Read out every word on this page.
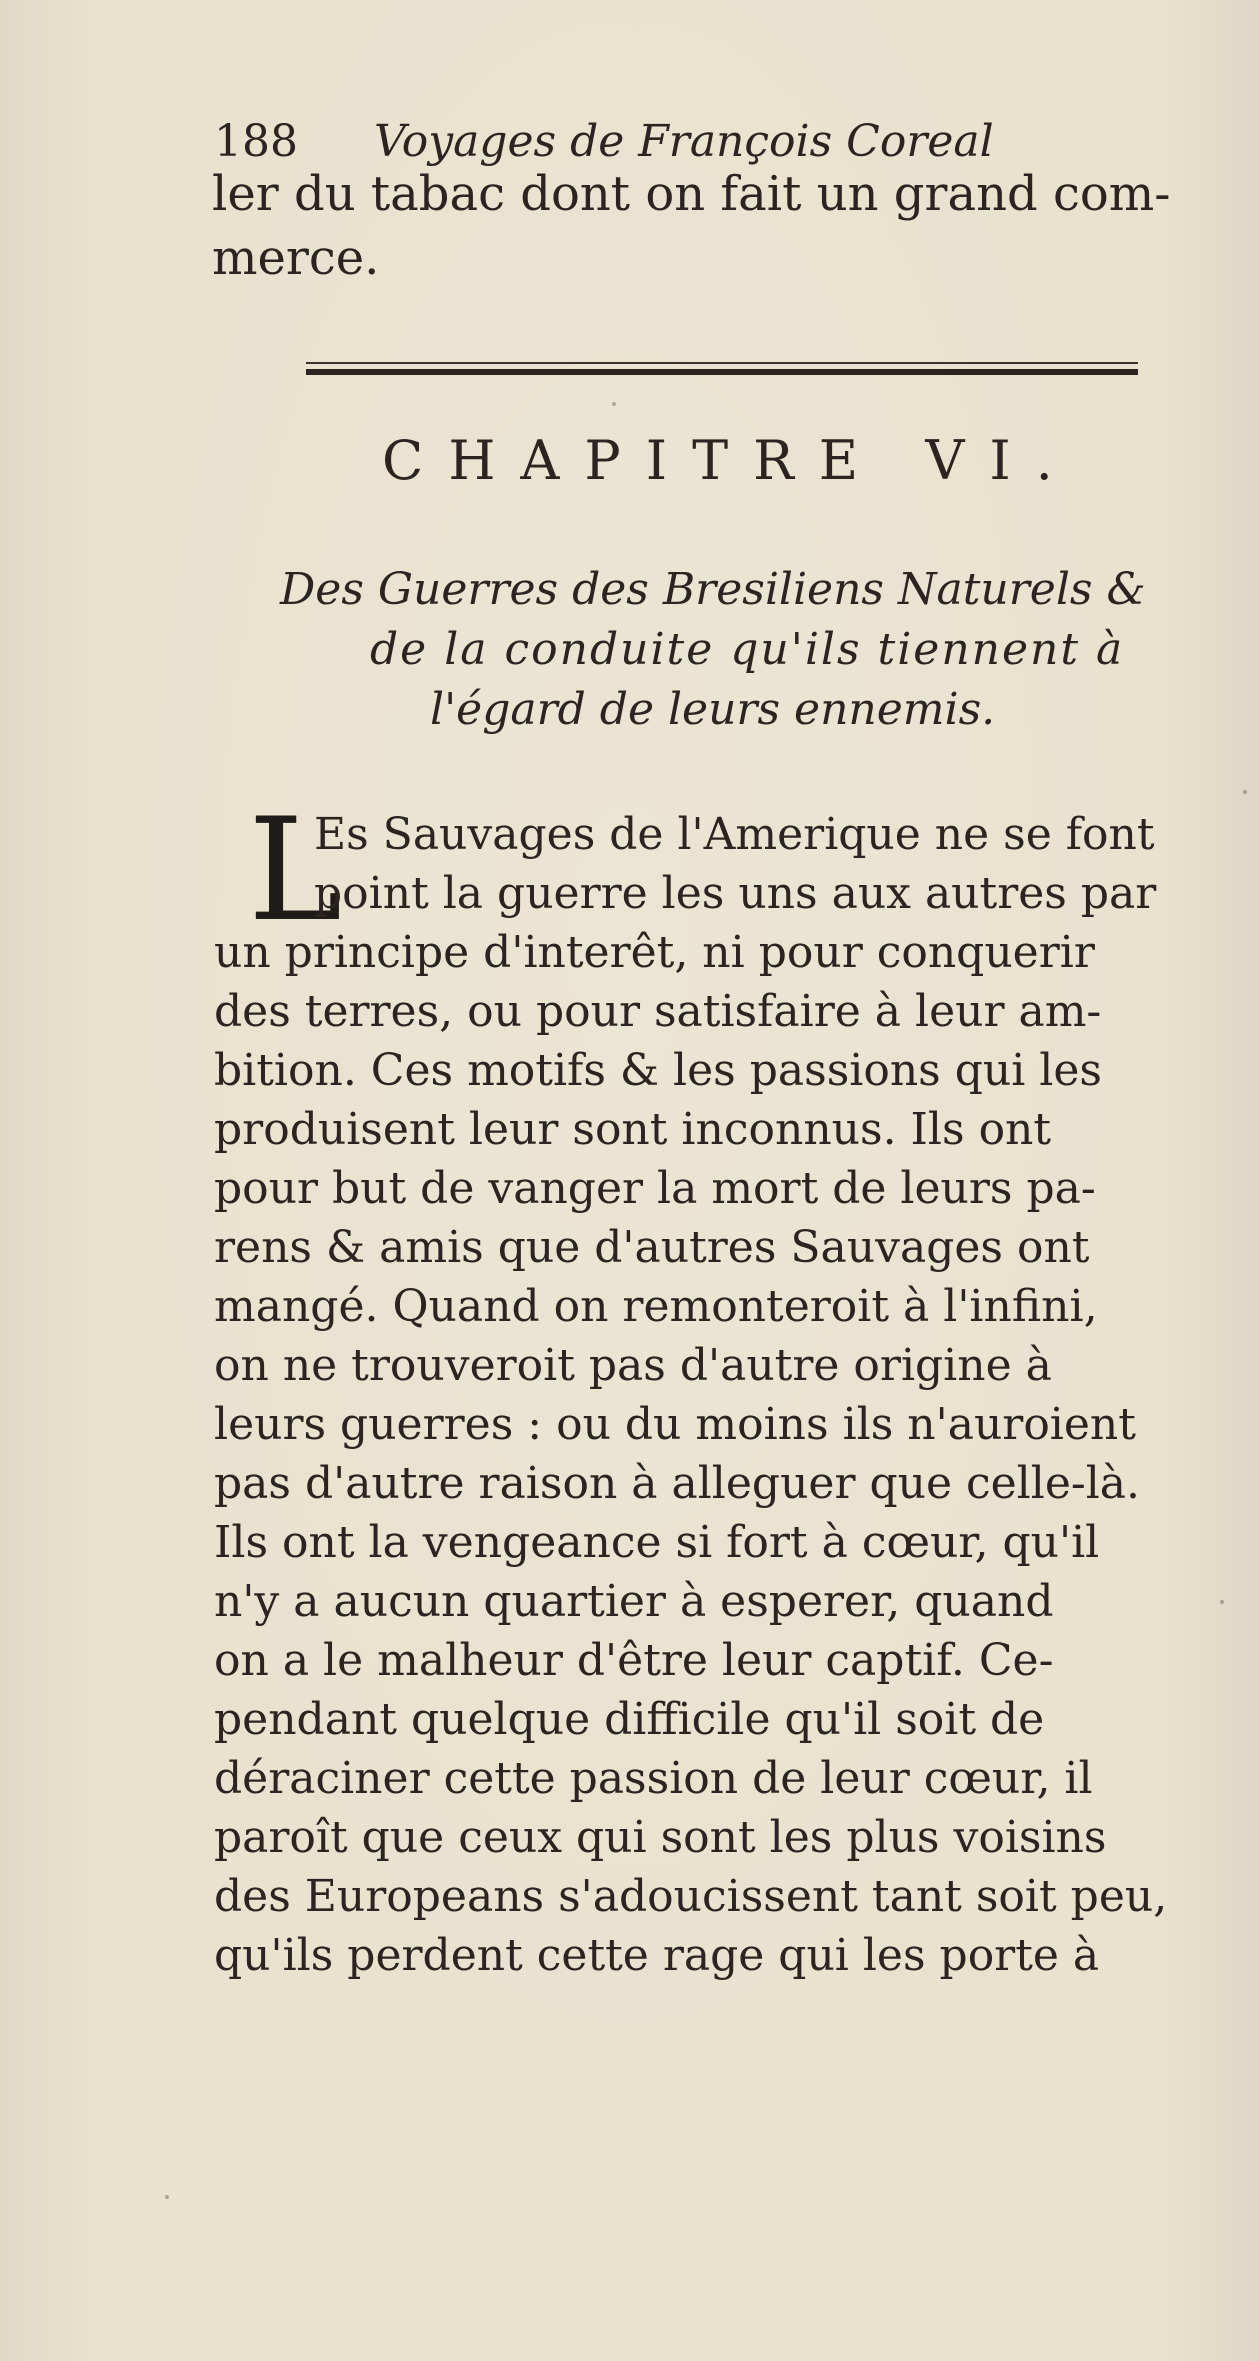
188 Voyages de François Coreal
ler du tabac dont on fait un grand com-
merce.
CHAPITRE VI.
Des Guerres des Bresiliens Naturels &
de la conduite qu'ils tiennent à
l'égard de leurs ennemis.
L
Es Sauvages de l'Amerique ne se font
point la guerre les uns aux autres par
un principe d'interêt, ni pour conquerir
des terres, ou pour satisfaire à leur am-
bition. Ces motifs & les passions qui les
produisent leur sont inconnus. Ils ont
pour but de vanger la mort de leurs pa-
rens & amis que d'autres Sauvages ont
mangé. Quand on remonteroit à l'infini,
on ne trouveroit pas d'autre origine à
leurs guerres : ou du moins ils n'auroient
pas d'autre raison à alleguer que celle-là.
Ils ont la vengeance si fort à cœur, qu'il
n'y a aucun quartier à esperer, quand
on a le malheur d'être leur captif. Ce-
pendant quelque difficile qu'il soit de
déraciner cette passion de leur cœur, il
paroît que ceux qui sont les plus voisins
des Europeans s'adoucissent tant soit peu,
qu'ils perdent cette rage qui les porte à
